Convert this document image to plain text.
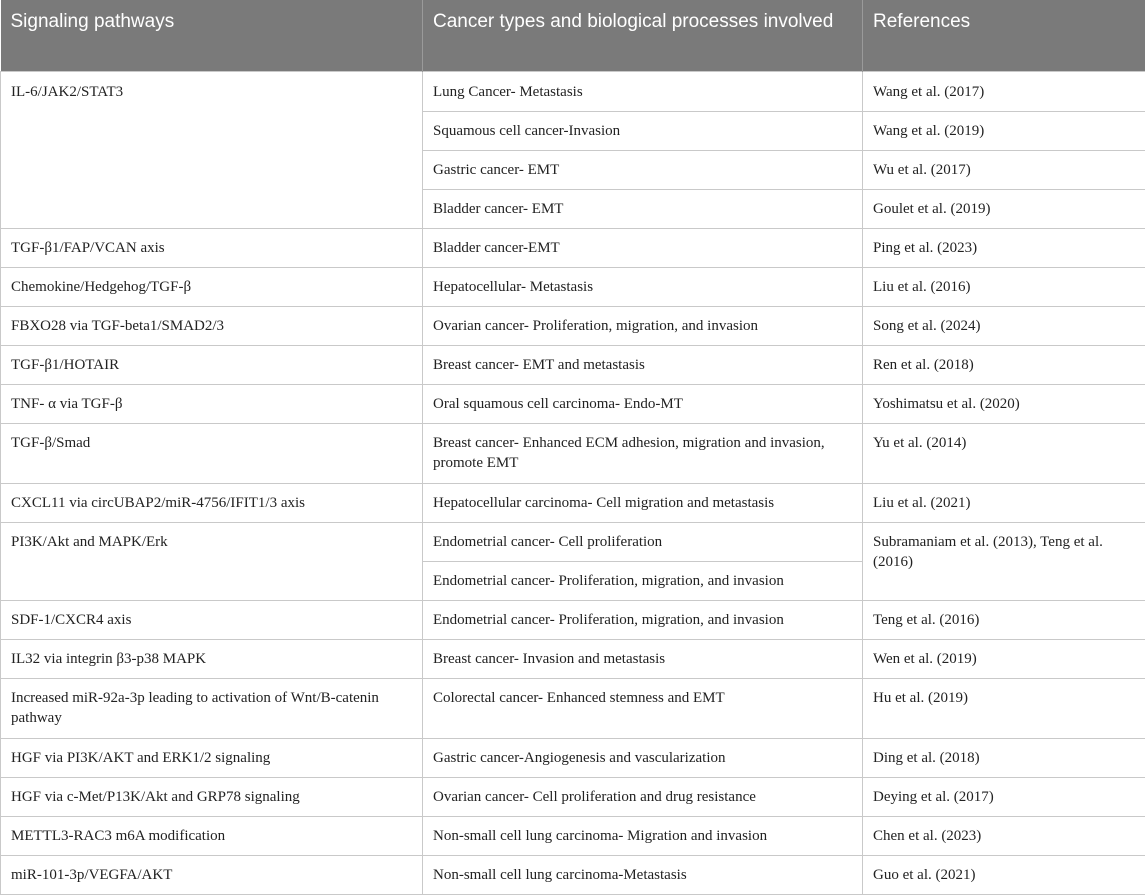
Signaling pathways	Cancer types and biological processes involved	References
IL-6/JAK2/STAT3	Lung Cancer- Metastasis	Wang et al. (2017)
	Squamous cell cancer-Invasion	Wang et al. (2019)
	Gastric cancer- EMT	Wu et al. (2017)
	Bladder cancer- EMT	Goulet et al. (2019)
TGF-β1/FAP/VCAN axis	Bladder cancer-EMT	Ping et al. (2023)
Chemokine/Hedgehog/TGF-β	Hepatocellular- Metastasis	Liu et al. (2016)
FBXO28 via TGF-beta1/SMAD2/3	Ovarian cancer- Proliferation, migration, and invasion	Song et al. (2024)
TGF-β1/HOTAIR	Breast cancer- EMT and metastasis	Ren et al. (2018)
TNF- α via TGF-β	Oral squamous cell carcinoma- Endo-MT	Yoshimatsu et al. (2020)
TGF-β/Smad	Breast cancer- Enhanced ECM adhesion, migration and invasion, promote EMT	Yu et al. (2014)
CXCL11 via circUBAP2/miR-4756/IFIT1/3 axis	Hepatocellular carcinoma- Cell migration and metastasis	Liu et al. (2021)
PI3K/Akt and MAPK/Erk	Endometrial cancer- Cell proliferation	Subramaniam et al. (2013), Teng et al. (2016)
	Endometrial cancer- Proliferation, migration, and invasion	
SDF-1/CXCR4 axis	Endometrial cancer- Proliferation, migration, and invasion	Teng et al. (2016)
IL32 via integrin β3-p38 MAPK	Breast cancer- Invasion and metastasis	Wen et al. (2019)
Increased miR-92a-3p leading to activation of Wnt/B-catenin pathway	Colorectal cancer- Enhanced stemness and EMT	Hu et al. (2019)
HGF via PI3K/AKT and ERK1/2 signaling	Gastric cancer-Angiogenesis and vascularization	Ding et al. (2018)
HGF via c-Met/P13K/Akt and GRP78 signaling	Ovarian cancer- Cell proliferation and drug resistance	Deying et al. (2017)
METTL3-RAC3 m6A modification	Non-small cell lung carcinoma- Migration and invasion	Chen et al. (2023)
miR-101-3p/VEGFA/AKT	Non-small cell lung carcinoma-Metastasis	Guo et al. (2021)
